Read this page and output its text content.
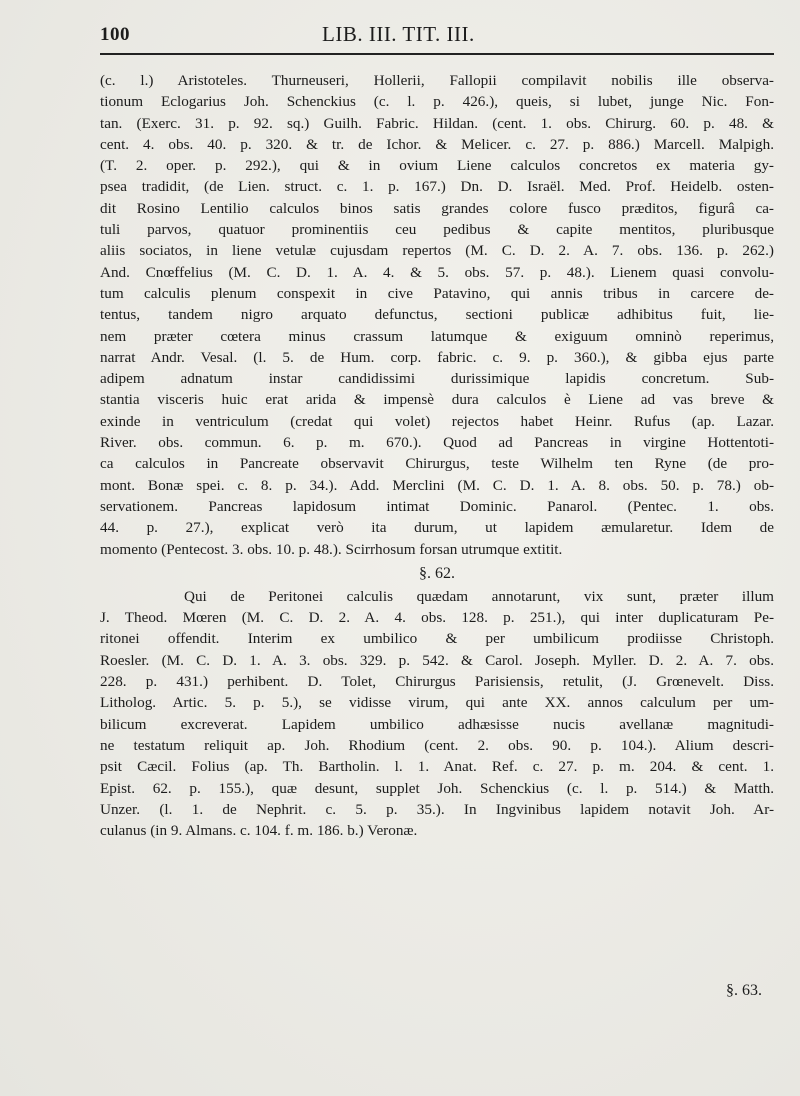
100	LIB. III. TIT. III.
(c. l.) Aristoteles. Thurneuseri, Hollerii, Fallopii compilavit nobilis ille observa-
tionum Eclogarius Joh. Schenckius (c. l. p. 426.), queis, si lubet, junge Nic. Fon-
tan. (Exerc. 31. p. 92. sq.) Guilh. Fabric. Hildan. (cent. 1. obs. Chirurg. 60. p. 48. &
cent. 4. obs. 40. p. 320. & tr. de Ichor. & Melicer. c. 27. p. 886.) Marcell. Malpigh.
(T. 2. oper. p. 292.), qui & in ovium Liene calculos concretos ex materia gy-
psea tradidit, (de Lien. struct. c. 1. p. 167.) Dn. D. Israël. Med. Prof. Heidelb. osten-
dit Rosino Lentilio calculos binos satis grandes colore fusco præditos, figurâ ca-
tuli parvos, quatuor prominentiis ceu pedibus & capite mentitos, pluribusque
aliis sociatos, in liene vetulæ cujusdam repertos (M. C. D. 2. A. 7. obs. 136. p. 262.)
And. Cnœffelius (M. C. D. 1. A. 4. & 5. obs. 57. p. 48.). Lienem quasi convolu-
tum calculis plenum conspexit in cive Patavino, qui annis tribus in carcere de-
tentus, tandem nigro arquato defunctus, sectioni publicæ adhibitus fuit, lie-
nem præter cœtera minus crassum latumque & exiguum omninò reperimus,
narrat Andr. Vesal. (l. 5. de Hum. corp. fabric. c. 9. p. 360.), & gibba ejus parte
adipem adnatum instar candidissimi durissimique lapidis concretum. Sub-
stantia visceris huic erat arida & impensè dura calculos è Liene ad vas breve &
exinde in ventriculum (credat qui volet) rejectos habet Heinr. Rufus (ap. Lazar.
River. obs. commun. 6. p. m. 670.). Quod ad Pancreas in virgine Hottentoti-
ca calculos in Pancreate observavit Chirurgus, teste Wilhelm ten Ryne (de pro-
mont. Bonæ spei. c. 8. p. 34.). Add. Merclini (M. C. D. 1. A. 8. obs. 50. p. 78.) ob-
servationem. Pancreas lapidosum intimat Dominic. Panarol. (Pentec. 1. obs.
44. p. 27.), explicat verò ita durum, ut lapidem æmularetur. Idem de
momento (Pentecost. 3. obs. 10. p. 48.). Scirrhosum forsan utrumque extitit.
§. 62.
Qui de Peritonei calculis quædam annotarunt, vix sunt, præter illum
J. Theod. Mœren (M. C. D. 2. A. 4. obs. 128. p. 251.), qui inter duplicaturam Pe-
ritonei offendit. Interim ex umbilico & per umbilicum prodiisse Christoph.
Roesler. (M. C. D. 1. A. 3. obs. 329. p. 542. & Carol. Joseph. Myller. D. 2. A. 7. obs.
228. p. 431.) perhibent. D. Tolet, Chirurgus Parisiensis, retulit, (J. Grœnevelt. Diss.
Litholog. Artic. 5. p. 5.), se vidisse virum, qui ante XX. annos calculum per um-
bilicum excreverat. Lapidem umbilico adhæsisse nucis avellanæ magnitudi-
ne testatum reliquit ap. Joh. Rhodium (cent. 2. obs. 90. p. 104.). Alium descri-
psit Cæcil. Folius (ap. Th. Bartholin. l. 1. Anat. Ref. c. 27. p. m. 204. & cent. 1.
Epist. 62. p. 155.), quæ desunt, supplet Joh. Schenckius (c. l. p. 514.) & Matth.
Unzer. (l. 1. de Nephrit. c. 5. p. 35.). In Ingvinibus lapidem notavit Joh. Ar-
culanus (in 9. Almans. c. 104. f. m. 186. b.) Veronæ.
§. 63.
